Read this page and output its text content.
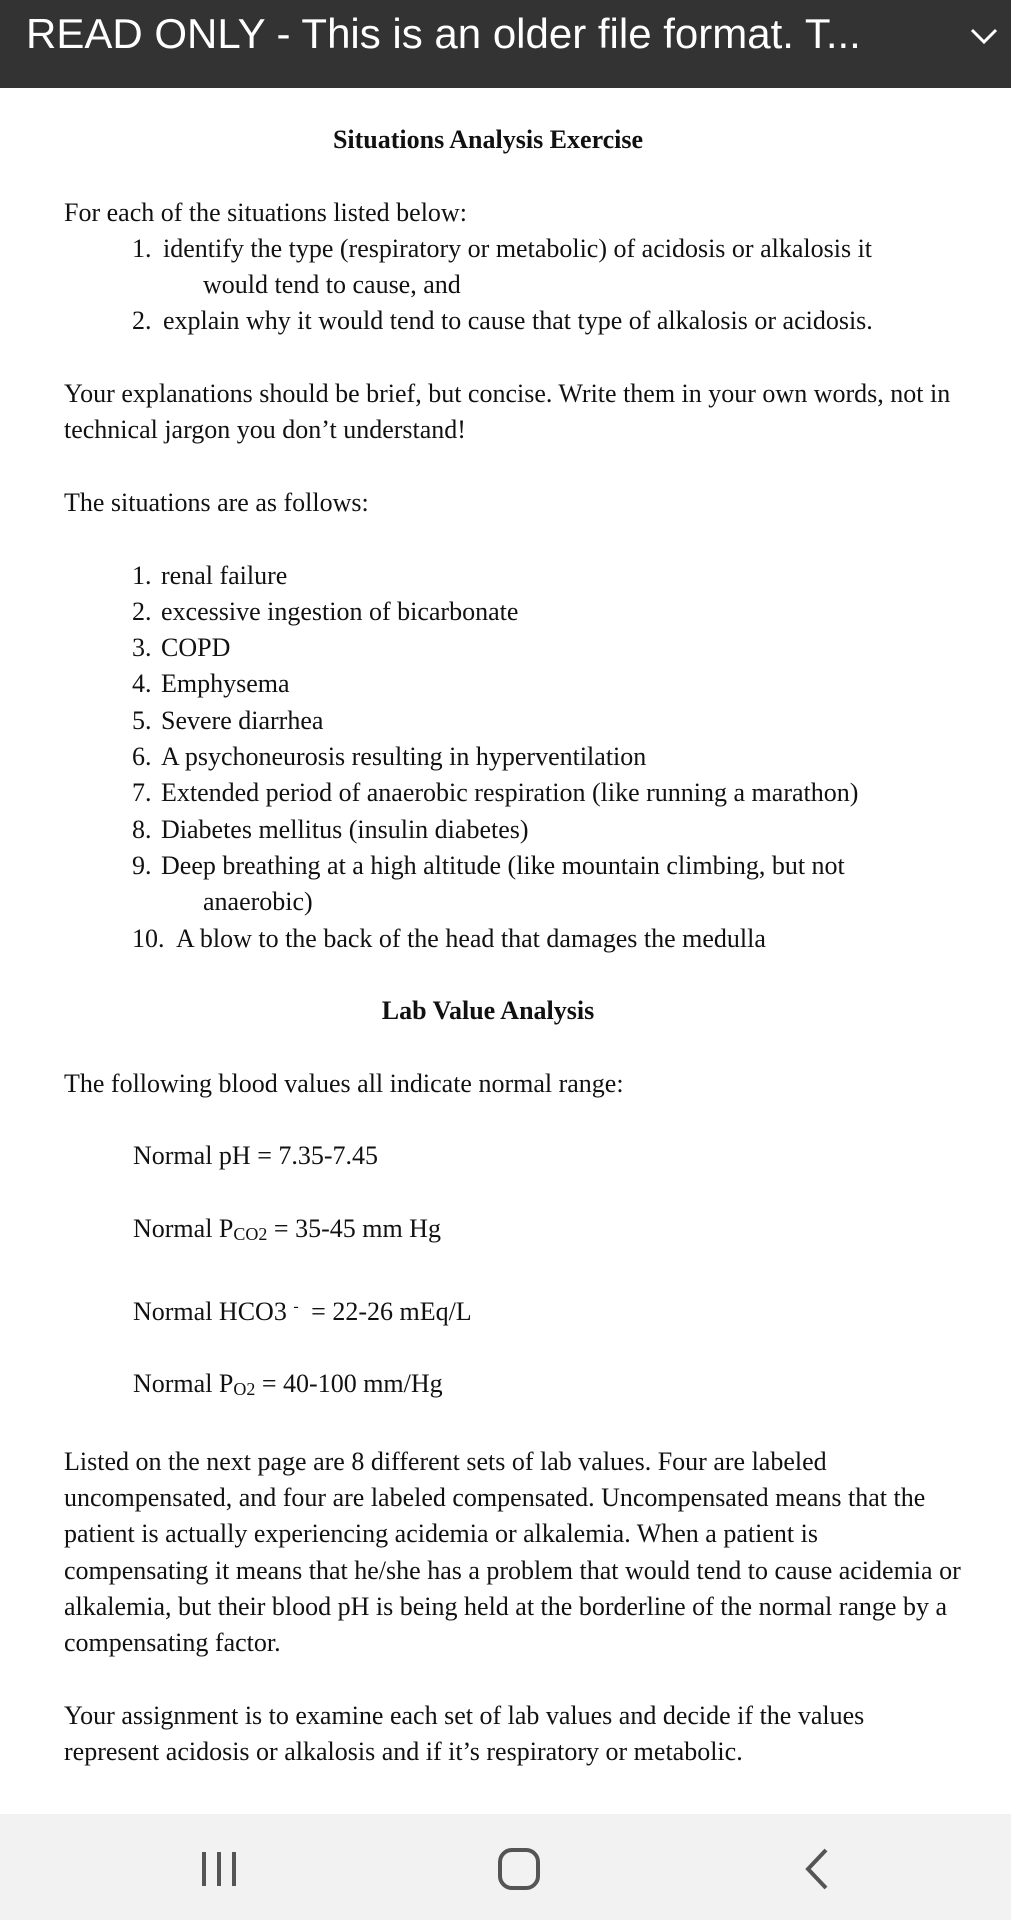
READ ONLY - This is an older file format. T...
Situations Analysis Exercise

For each of the situations listed below:

1. identify the type (respiratory or metabolic) of acidosis or alkalosis it
would tend to cause, and
2. explain why it would tend to cause that type of alkalosis or acidosis.

Your explanations should be brief, but concise. Write them in your own words, not in technical jargon you don’t understand!

The situations are as follows:

1. renal failure
2. excessive ingestion of bicarbonate
3. COPD
4. Emphysema
5. Severe diarrhea
6. A psychoneurosis resulting in hyperventilation
7. Extended period of anaerobic respiration (like running a marathon)
8. Diabetes mellitus (insulin diabetes)
9. Deep breathing at a high altitude (like mountain climbing, but not
anaerobic)
10. A blow to the back of the head that damages the medulla
Lab Value Analysis

The following blood values all indicate normal range:

Normal pH = 7.35-7.45
Normal $P_{CO2} = 35-45$ mm Hg
Normal HCO3 - = 22-26 mEq/L
Normal $P_{O2} = 40-100$ mm/Hg

Listed on the next page are 8 different sets of lab values. Four are labeled uncompensated, and four are labeled compensated. Uncompensated means that the patient is actually experiencing acidemia or alkalemia. When a patient is compensating it means that he/she has a problem that would tend to cause acidemia or alkalemia, but their blood pH is being held at the borderline of the normal range by a compensating factor.

Your assignment is to examine each set of lab values and decide if the values represent acidosis or alkalosis and if it’s respiratory or metabolic.
